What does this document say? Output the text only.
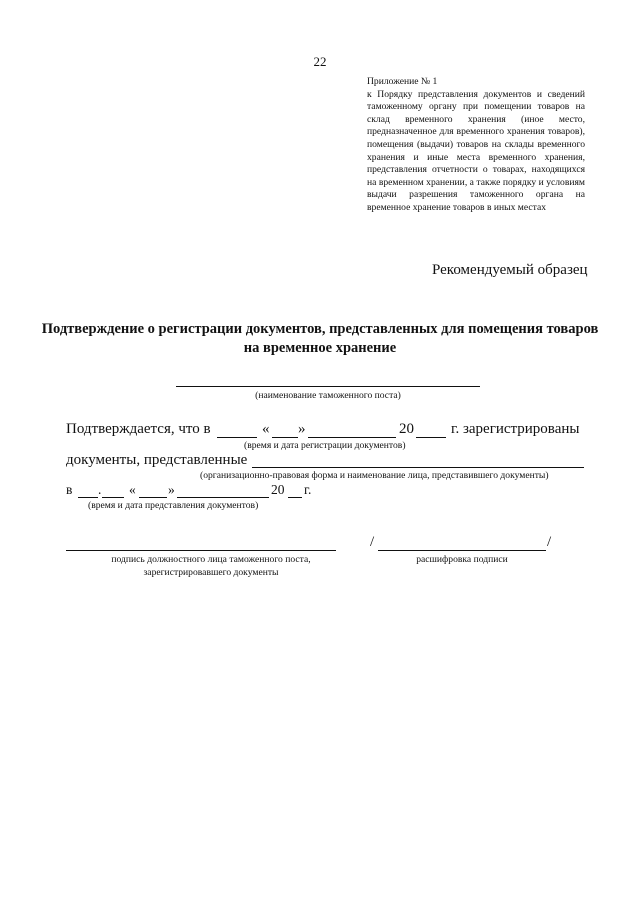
22
Приложение № 1
к Порядку представления документов и сведений таможенному органу при помещении товаров на склад временного хранения (иное место, предназначенное для временного хранения товаров), помещения (выдачи) товаров на склады временного хранения и иные места временного хранения, представления отчетности о товарах, находящихся на временном хранении, а также порядку и условиям выдачи разрешения таможенного органа на временное хранение товаров в иных местах
Рекомендуемый образец
Подтверждение о регистрации документов, представленных для помещения товаров на временное хранение
(наименование таможенного поста)
Подтверждается, что в	« »	20 г. зарегистрированы
(время и дата регистрации документов)
документы, представленные
(организационно-правовая форма и наименование лица, представившего документы)
в . « »	20 г.
(время и дата представления документов)
подпись должностного лица таможенного поста,
зарегистрировавшего документы
/	/
расшифровка подписи
